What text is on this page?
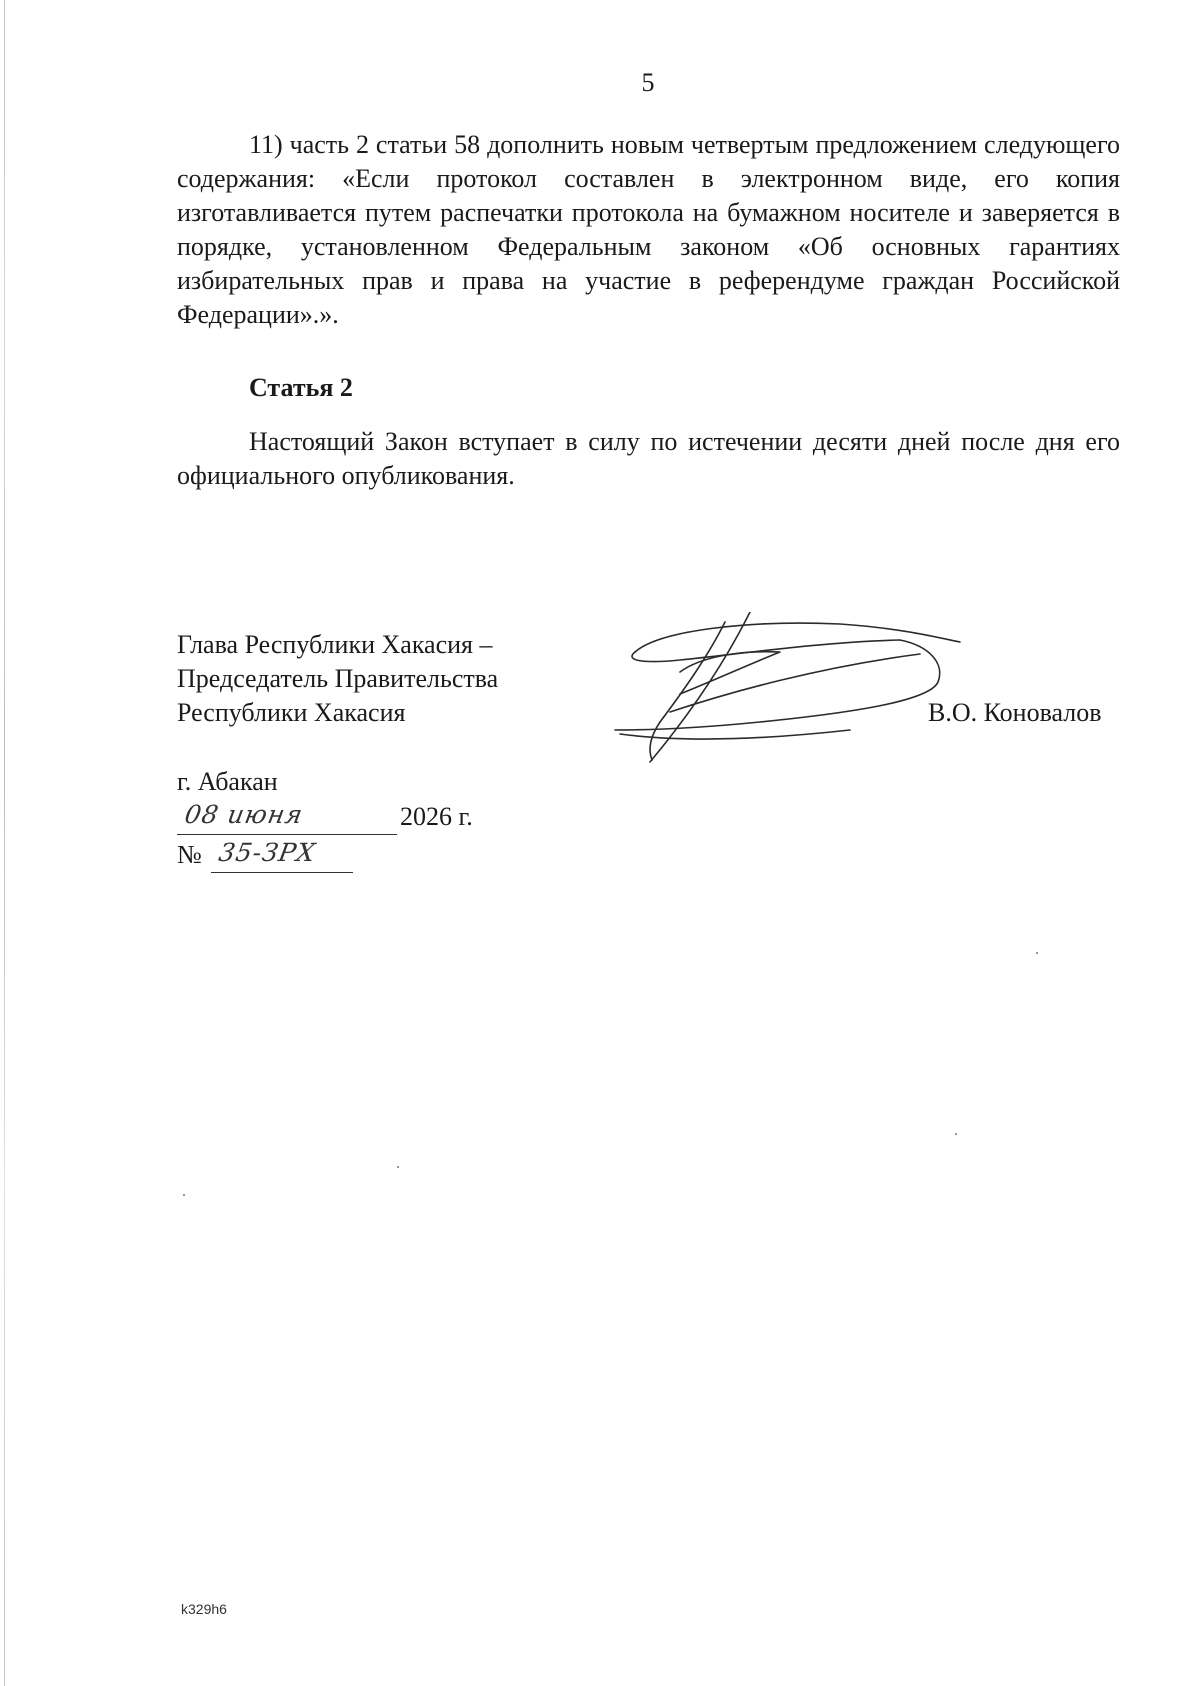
5

11) часть 2 статьи 58 дополнить новым четвертым предложением следующего содержания: «Если протокол составлен в электронном виде, его копия изготавливается путем распечатки протокола на бумажном носителе и заверяется в порядке, установленном Федеральным законом «Об основных гарантиях избирательных прав и права на участие в референдуме граждан Российской Федерации».».

Статья 2

Настоящий Закон вступает в силу по истечении десяти дней после дня его официального опубликования.

Глава Республики Хакасия –
Председатель Правительства
Республики Хакасия	В.О. Коновалов
г. Абакан
08 июня	2026 г.
№ 35-ЗРХ
k329h6
